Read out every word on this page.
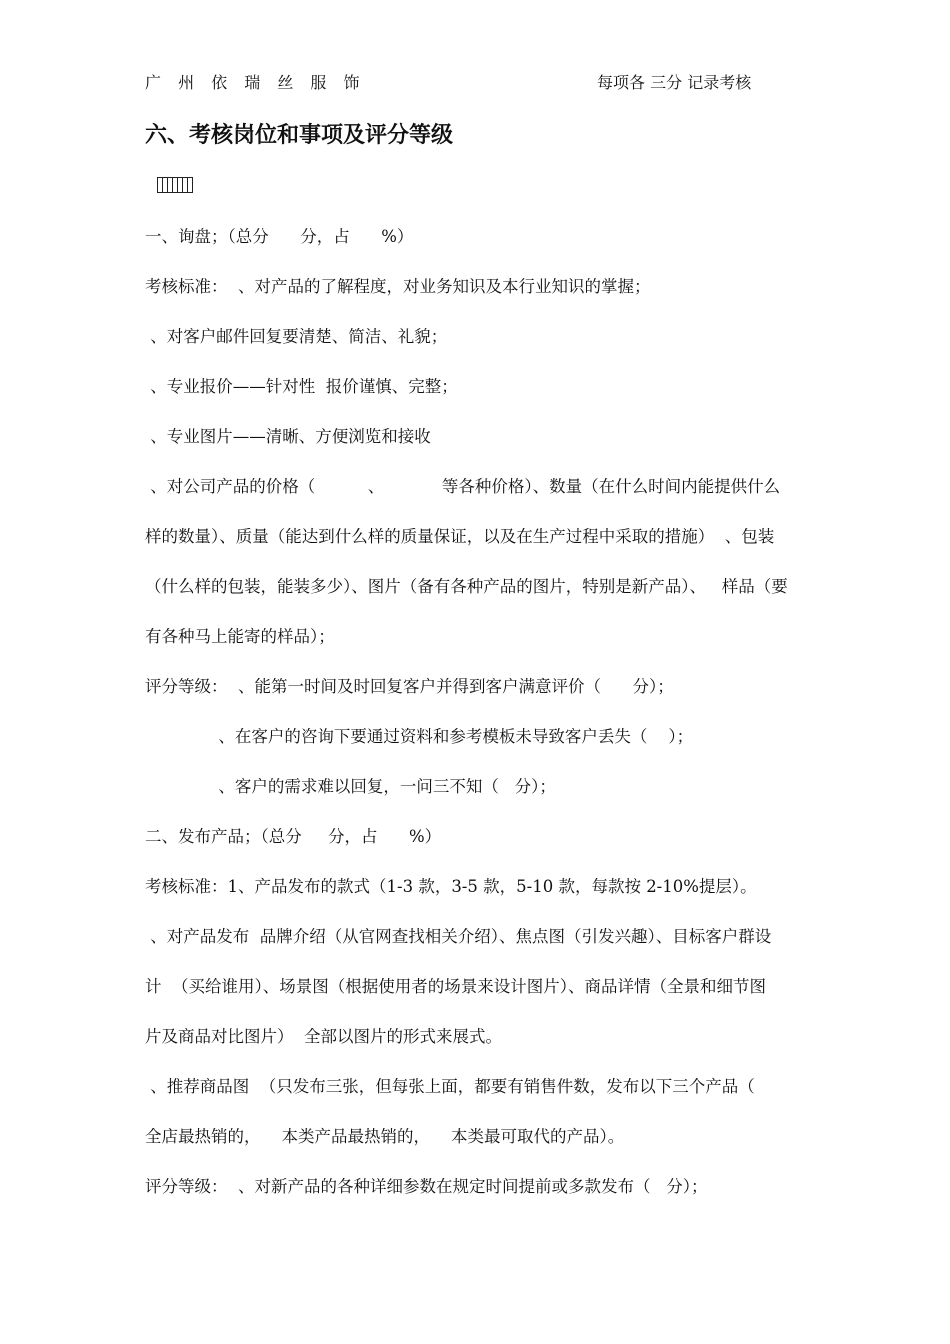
广 州 依 瑞 丝 服 饰	每项各 三分 记录考核
六、考核岗位和事项及评分等级
一、询盘；（总分      分，占      %）
考核标准：  、对产品的了解程度，对业务知识及本行业知识的掌握；
、对客户邮件回复要清楚、简洁、礼貌；
、专业报价——针对性  报价谨慎、完整；
、专业图片——清晰、方便浏览和接收
、对公司产品的价格（          、           等各种价格）、数量（在什么时间内能提供什么
样的数量）、质量（能达到什么样的质量保证，以及在生产过程中采取的措施）  、包装
（什么样的包装，能装多少）、图片（备有各种产品的图片，特别是新产品）、   样品（要
有各种马上能寄的样品）；
评分等级：  、能第一时间及时回复客户并得到客户满意评价（      分）；
、在客户的咨询下要通过资料和参考模板未导致客户丢失（    ）；
、客户的需求难以回复，一问三不知（   分）；
二、发布产品；（总分     分，占      %）
考核标准：1、产品发布的款式（1-3 款，3-5 款，5-10 款，每款按 2-10%提层）。
、对产品发布  品牌介绍（从官网查找相关介绍）、焦点图（引发兴趣）、目标客户群设
计  （买给谁用）、场景图（根据使用者的场景来设计图片）、商品详情（全景和细节图
片及商品对比图片）  全部以图片的形式来展式。
、推荐商品图  （只发布三张，但每张上面，都要有销售件数，发布以下三个产品（
全店最热销的，    本类产品最热销的，    本类最可取代的产品）。
评分等级：  、对新产品的各种详细参数在规定时间提前或多款发布（   分）；
